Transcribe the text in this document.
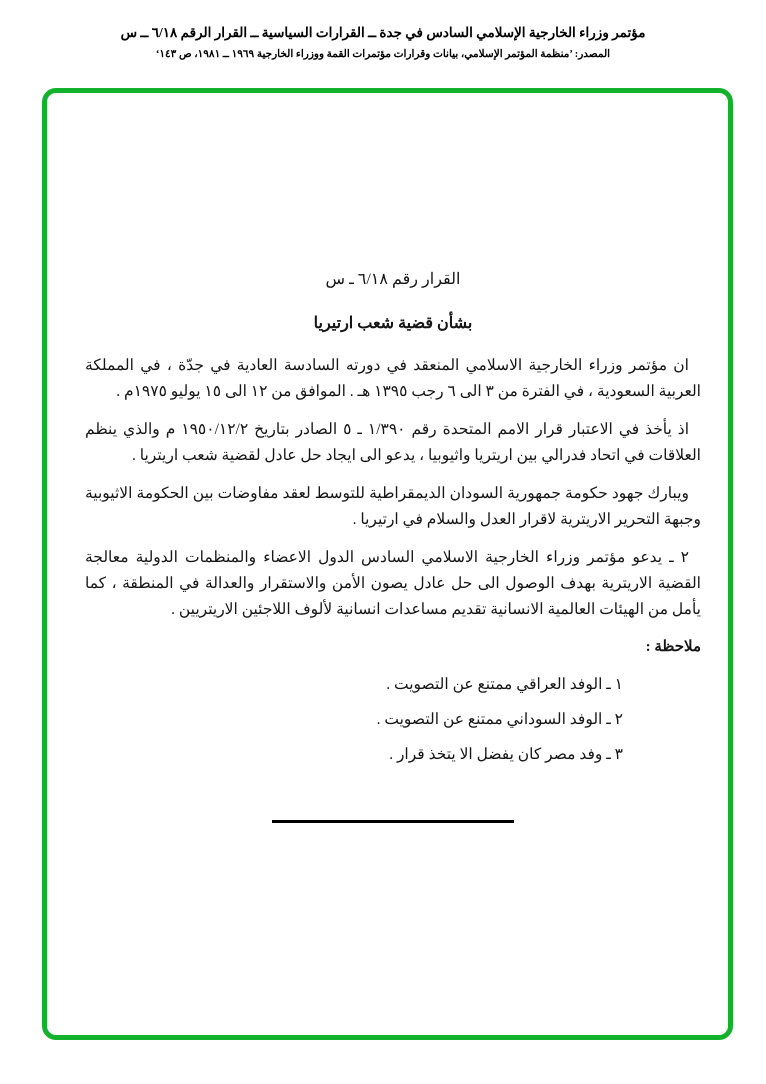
مؤتمر وزراء الخارجية الإسلامي السادس في جدة ــ القرارات السياسية ــ القرار الرقم ٦/١٨ ــ س
المصدر: ’منظمة المؤتمر الإسلامي، بيانات وقرارات مؤتمرات القمة ووزراء الخارجية ١٩٦٩ ــ ١٩٨١، ص ١٤٣‘
القرار رقم ٦/١٨ ـ س
بشأن قضية شعب ارتيريا

ان مؤتمر وزراء الخارجية الاسلامي المنعقد في دورته السادسة العادية في جدّة ، في المملكة العربية السعودية ، في الفترة من ٣ الى ٦ رجب ١٣٩٥ هـ . الموافق من ١٢ الى ١٥ يوليو ١٩٧٥م .

اذ يأخذ في الاعتبار قرار الامم المتحدة رقم ١/٣٩٠ ـ ٥ الصادر بتاريخ ١٩٥٠/١٢/٢ م والذي ينظم العلاقات في اتحاد فدرالي بين اريتريا واثيوبيا ، يدعو الى ايجاد حل عادل لقضية شعب اريتريا .

ويبارك جهود حكومة جمهورية السودان الديمقراطية للتوسط لعقد مفاوضات بين الحكومة الاثيوبية وجبهة التحرير الاريترية لاقرار العدل والسلام في ارتيريا .

٢ ـ يدعو مؤتمر وزراء الخارجية الاسلامي السادس الدول الاعضاء والمنظمات الدولية معالجة القضية الاريترية بهدف الوصول الى حل عادل يصون الأمن والاستقرار والعدالة في المنطقة ، كما يأمل من الهيئات العالمية الانسانية تقديم مساعدات انسانية لألوف اللاجئين الاريتريين .

ملاحظة :
١ ـ الوفد العراقي ممتنع عن التصويت .
٢ ـ الوفد السوداني ممتنع عن التصويت .
٣ ـ وفد مصر كان يفضل الا يتخذ قرار .
